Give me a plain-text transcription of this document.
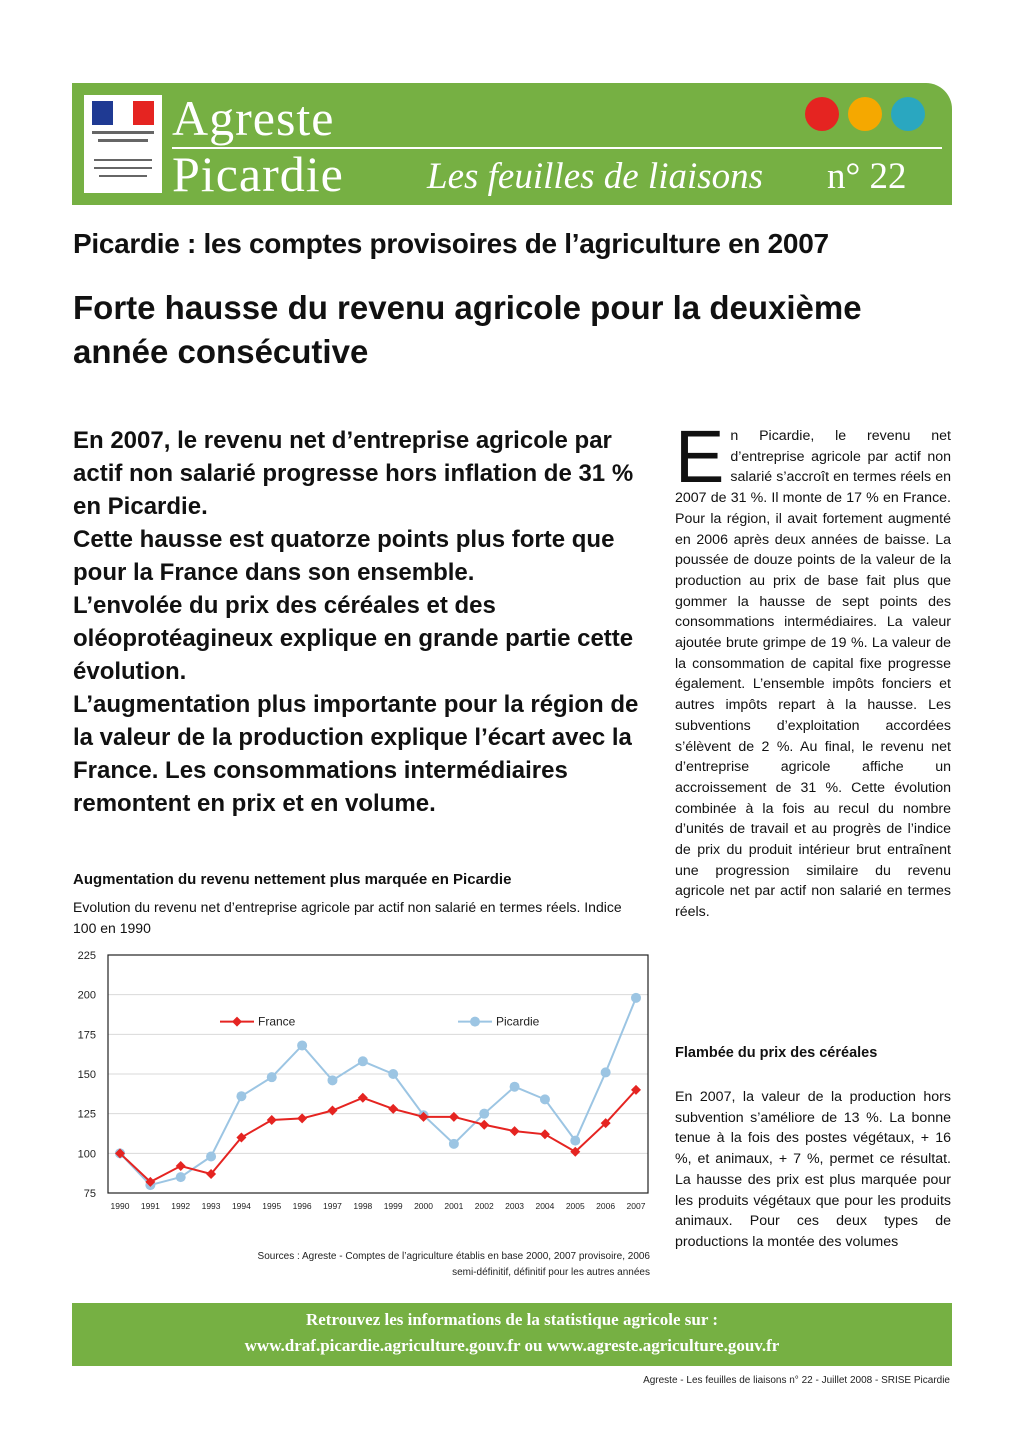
Agreste
Picardie Les feuilles de liaisons n° 22
Picardie : les comptes provisoires de l’agriculture en 2007
Forte hausse du revenu agricole pour la deuxième année consécutive

En 2007, le revenu net d’entreprise agricole par actif non salarié progresse hors inflation de 31 % en Picardie.

Cette hausse est quatorze points plus forte que pour la France dans son ensemble.

L’envolée du prix des céréales et des oléoprotéagineux explique en grande partie cette évolution.

L’augmentation plus importante pour la région de la valeur de la production explique l’écart avec la France. Les consommations intermédiaires remontent en prix et en volume.

Augmentation du revenu nettement plus marquée en Picardie
Evolution du revenu net d’entreprise agricole par actif non salarié en termes réels. Indice 100 en 1990
225
200
175
150
125
100
75
1990 1991 1992 1993 1994 1995 1996 1997 1998 1999 2000 2001 2002 2003 2004 2005 2006 2007
France	Picardie
Sources : Agreste - Comptes de l’agriculture établis en base 2000, 2007 provisoire, 2006 semi-définitif, définitif pour les autres années
En Picardie, le revenu net d’entreprise agricole par actif non salarié s’accroît en termes réels en 2007 de 31 %. Il monte de 17 % en France. Pour la région, il avait fortement augmenté en 2006 après deux années de baisse. La poussée de douze points de la valeur de la production au prix de base fait plus que gommer la hausse de sept points des consommations intermédiaires. La valeur ajoutée brute grimpe de 19 %. La valeur de la consommation de capital fixe progresse également. L’ensemble impôts fonciers et autres impôts repart à la hausse. Les subventions d’exploitation accordées s’élèvent de 2 %. Au final, le revenu net d’entreprise agricole affiche un accroissement de 31 %. Cette évolution combinée à la fois au recul du nombre d’unités de travail et au progrès de l’indice de prix du produit intérieur brut entraînent une progression similaire du revenu agricole net par actif non salarié en termes réels.
Flambée du prix des céréales
En 2007, la valeur de la production hors subvention s’améliore de 13 %. La bonne tenue à la fois des postes végétaux, + 16 %, et animaux, + 7 %, permet ce résultat. La hausse des prix est plus marquée pour les produits végétaux que pour les produits animaux. Pour ces deux types de productions la montée des volumes
Retrouvez les informations de la statistique agricole sur :
www.draf.picardie.agriculture.gouv.fr ou www.agreste.agriculture.gouv.fr
Agreste - Les feuilles de liaisons n° 22 - Juillet 2008 - SRISE Picardie
